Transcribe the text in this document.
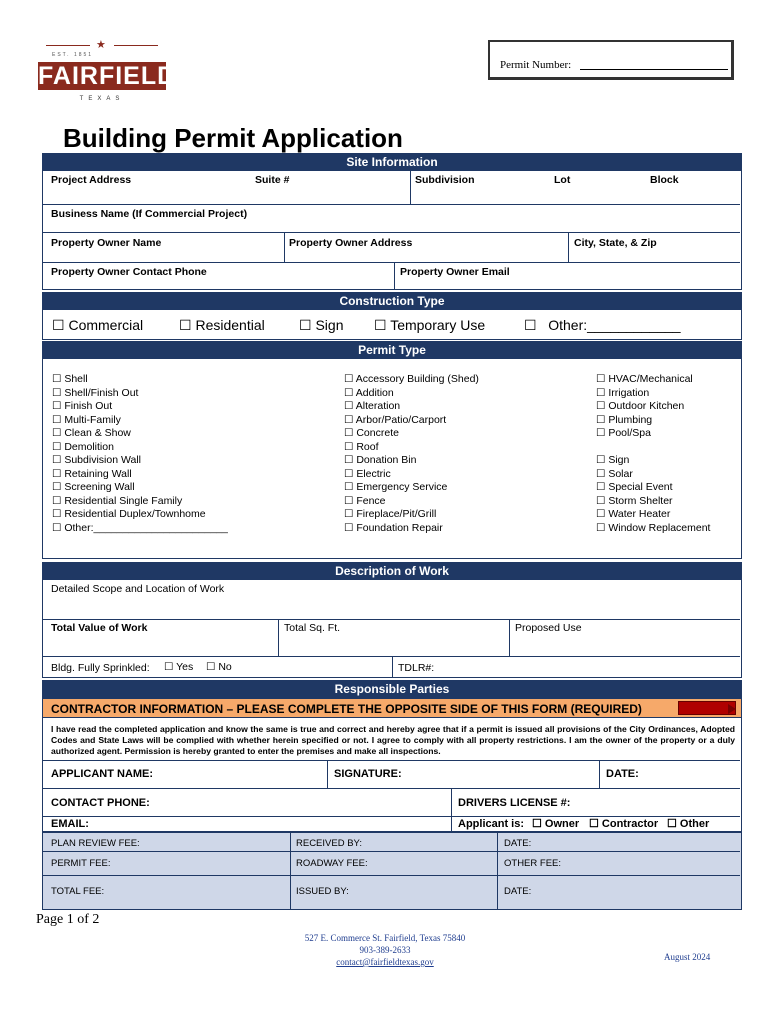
★
EST. 1851
FAIRFIELD
TEXAS
Permit Number:
Building Permit Application
Site Information
Project Address	Suite #	Subdivision	Lot	Block
Business Name (If Commercial Project)
Property Owner Name	Property Owner Address	City, State, & Zip
Property Owner Contact Phone	Property Owner Email
Construction Type
☐ Commercial	☐ Residential ☐ Sign ☐ Temporary Use	☐   Other:____________
Permit Type
☐ Shell
☐ Shell/Finish Out
☐ Finish Out
☐ Multi-Family
☐ Clean & Show
☐ Demolition
☐ Subdivision Wall
☐ Retaining Wall
☐ Screening Wall
☐ Residential Single Family
☐ Residential Duplex/Townhome
☐ Other:_______________________
☐ Accessory Building (Shed)
☐ Addition
☐ Alteration
☐ Arbor/Patio/Carport
☐ Concrete
☐ Roof
☐ Donation Bin
☐ Electric
☐ Emergency Service
☐ Fence
☐ Fireplace/Pit/Grill
☐ Foundation Repair
☐ HVAC/Mechanical
☐ Irrigation
☐ Outdoor Kitchen
☐ Plumbing
☐ Pool/Spa
☐ Sign
☐ Solar
☐ Special Event
☐ Storm Shelter
☐ Water Heater
☐ Window Replacement
Description of Work
Detailed Scope and Location of Work
Total Value of Work	Total Sq. Ft.	Proposed Use
Bldg. Fully Sprinkled: ☐ Yes ☐ No	TDLR#:
Responsible Parties
CONTRACTOR INFORMATION – PLEASE COMPLETE THE OPPOSITE SIDE OF THIS FORM (REQUIRED)
I have read the completed application and know the same is true and correct and hereby agree that if a permit is issued all provisions of the City Ordinances, Adopted Codes and State Laws will be complied with whether herein specified or not. I agree to comply with all property restrictions. I am the owner of the property or a duly authorized agent. Permission is hereby granted to enter the premises and make all inspections.
APPLICANT NAME:	SIGNATURE:	DATE:
CONTACT PHONE:	DRIVERS LICENSE #:
EMAIL:	Applicant is: ☐ Owner ☐ Contractor ☐ Other
PLAN REVIEW FEE:	RECEIVED BY:	DATE:
PERMIT FEE:	ROADWAY FEE:	OTHER FEE:
TOTAL FEE:	ISSUED BY:	DATE:
Page 1 of 2
527 E. Commerce St. Fairfield, Texas 75840
903-389-2633
contact@fairfieldtexas.gov	August 2024
